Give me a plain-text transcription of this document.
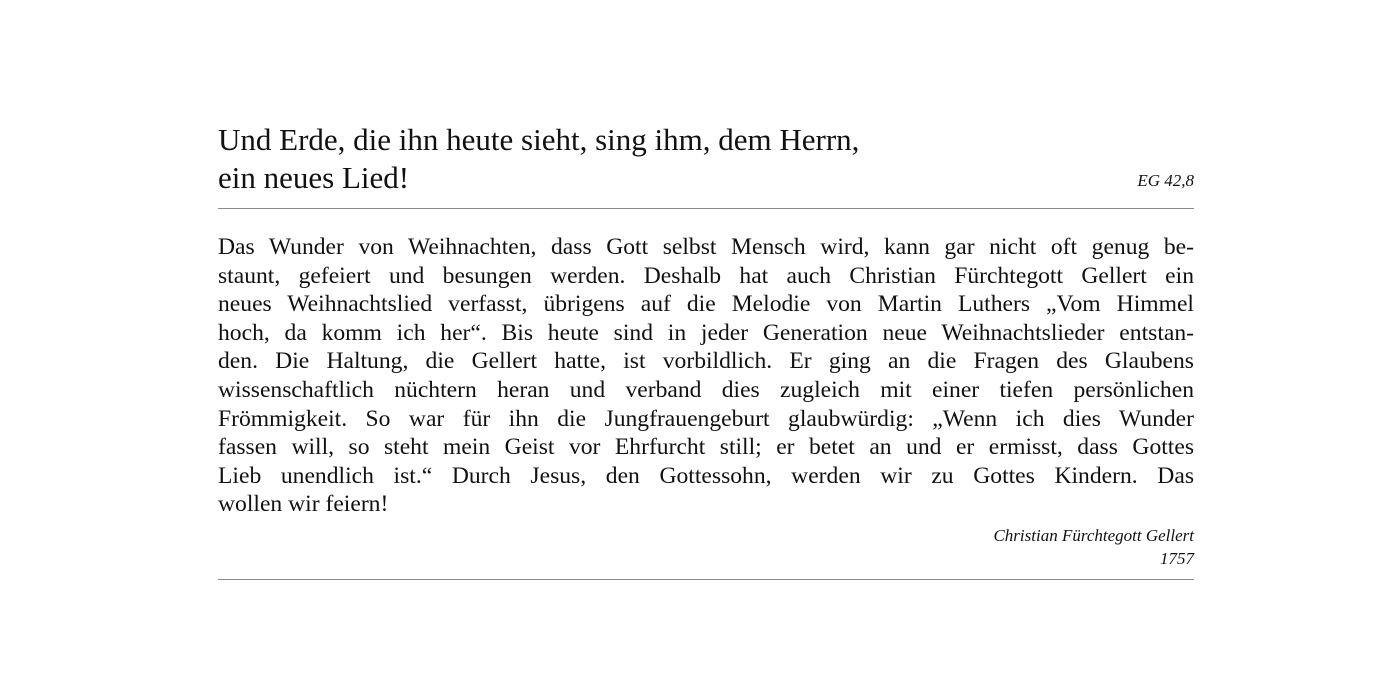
Und Erde, die ihn heute sieht, sing ihm, dem Herrn,
ein neues Lied!	EG 42,8

Das Wunder von Weihnachten, dass Gott selbst Mensch wird, kann gar nicht oft genug be-
staunt, gefeiert und besungen werden. Deshalb hat auch Christian Fürchtegott Gellert ein
neues Weihnachtslied verfasst, übrigens auf die Melodie von Martin Luthers „Vom Himmel
hoch, da komm ich her“. Bis heute sind in jeder Generation neue Weihnachtslieder entstan-
den. Die Haltung, die Gellert hatte, ist vorbildlich. Er ging an die Fragen des Glaubens
wissenschaftlich nüchtern heran und verband dies zugleich mit einer tiefen persönlichen
Frömmigkeit. So war für ihn die Jungfrauengeburt glaubwürdig: „Wenn ich dies Wunder
fassen will, so steht mein Geist vor Ehrfurcht still; er betet an und er ermisst, dass Gottes
Lieb unendlich ist.“ Durch Jesus, den Gottessohn, werden wir zu Gottes Kindern. Das
wollen wir feiern!

Christian Fürchtegott Gellert
1757
